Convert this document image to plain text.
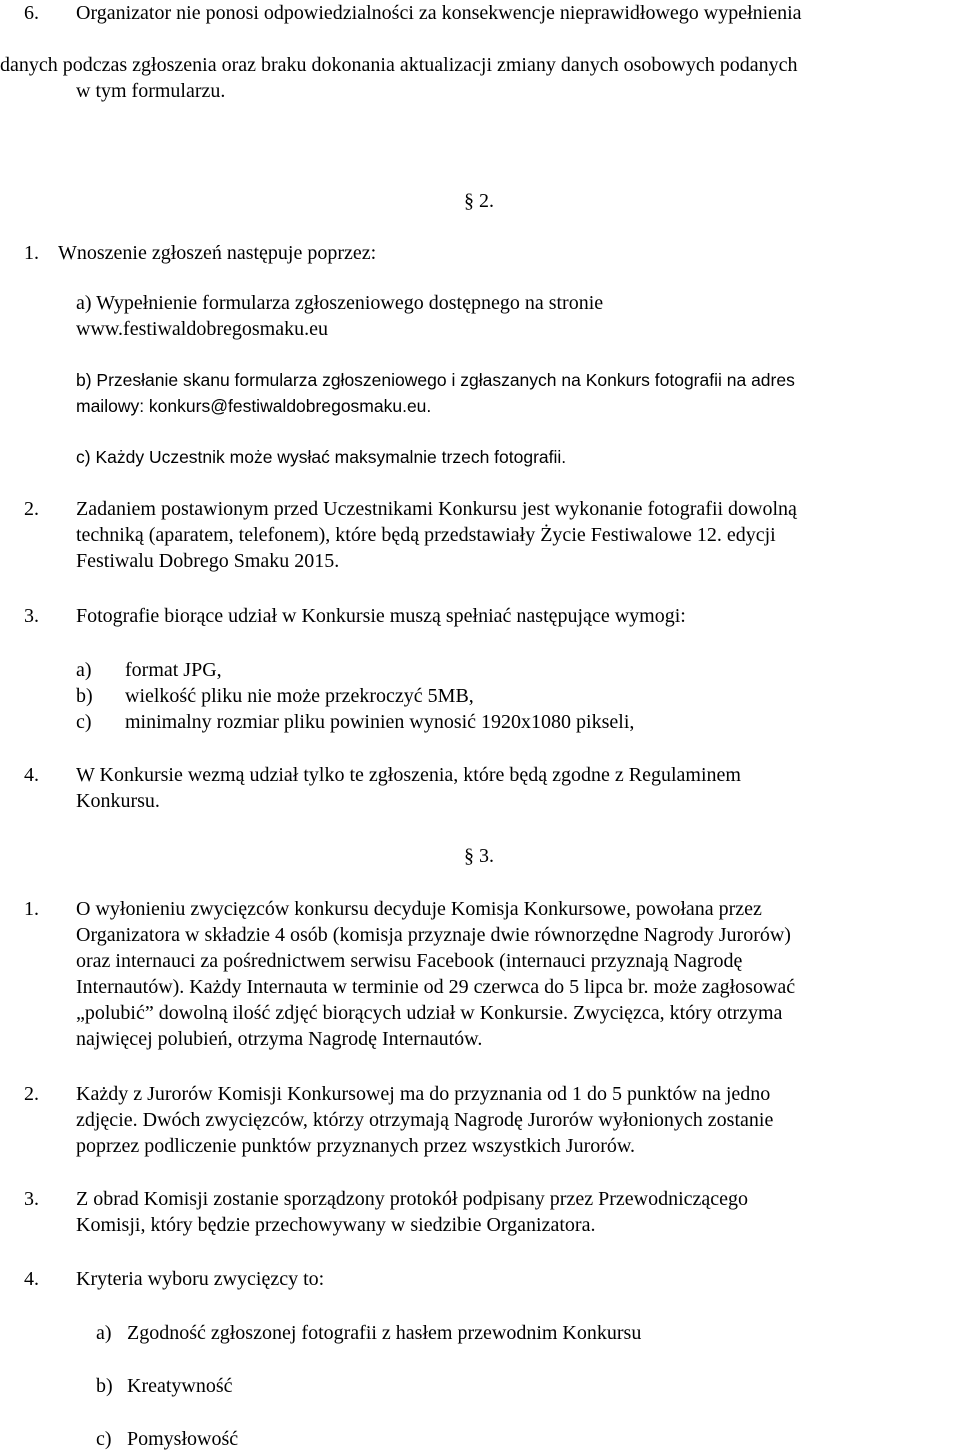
6. Organizator nie ponosi odpowiedzialności za konsekwencje nieprawidłowego wypełnienia
danych podczas zgłoszenia oraz braku dokonania aktualizacji zmiany danych osobowych podanych
w tym formularzu.
§ 2.
1. Wnoszenie zgłoszeń następuje poprzez:
a) Wypełnienie formularza zgłoszeniowego dostępnego na stronie
www.festiwaldobregosmaku.eu
b) Przesłanie skanu formularza zgłoszeniowego i zgłaszanych na Konkurs fotografii na adres
mailowy: konkurs@festiwaldobregosmaku.eu.
c) Każdy Uczestnik może wysłać maksymalnie trzech fotografii.
2. Zadaniem postawionym przed Uczestnikami Konkursu jest wykonanie fotografii dowolną
techniką (aparatem, telefonem), które będą przedstawiały Życie Festiwalowe 12. edycji
Festiwalu Dobrego Smaku 2015.
3. Fotografie biorące udział w Konkursie muszą spełniać następujące wymogi:
a) format JPG,
b) wielkość pliku nie może przekroczyć 5MB,
c) minimalny rozmiar pliku powinien wynosić 1920x1080 pikseli,
4. W Konkursie wezmą udział tylko te zgłoszenia, które będą zgodne z Regulaminem
Konkursu.
§ 3.
1. O wyłonieniu zwycięzców konkursu decyduje Komisja Konkursowe, powołana przez
Organizatora w składzie 4 osób (komisja przyznaje dwie równorzędne Nagrody Jurorów)
oraz internauci za pośrednictwem serwisu Facebook (internauci przyznają Nagrodę
Internautów). Każdy Internauta w terminie od 29 czerwca do 5 lipca br. może zagłosować
„polubić” dowolną ilość zdjęć biorących udział w Konkursie. Zwycięzca, który otrzyma
najwięcej polubień, otrzyma Nagrodę Internautów.
2. Każdy z Jurorów Komisji Konkursowej ma do przyznania od 1 do 5 punktów na jedno
zdjęcie. Dwóch zwycięzców, którzy otrzymają Nagrodę Jurorów wyłonionych zostanie
poprzez podliczenie punktów przyznanych przez wszystkich Jurorów.
3. Z obrad Komisji zostanie sporządzony protokół podpisany przez Przewodniczącego
Komisji, który będzie przechowywany w siedzibie Organizatora.
4. Kryteria wyboru zwycięzcy to:
a) Zgodność zgłoszonej fotografii z hasłem przewodnim Konkursu
b) Kreatywność
c) Pomysłowość
